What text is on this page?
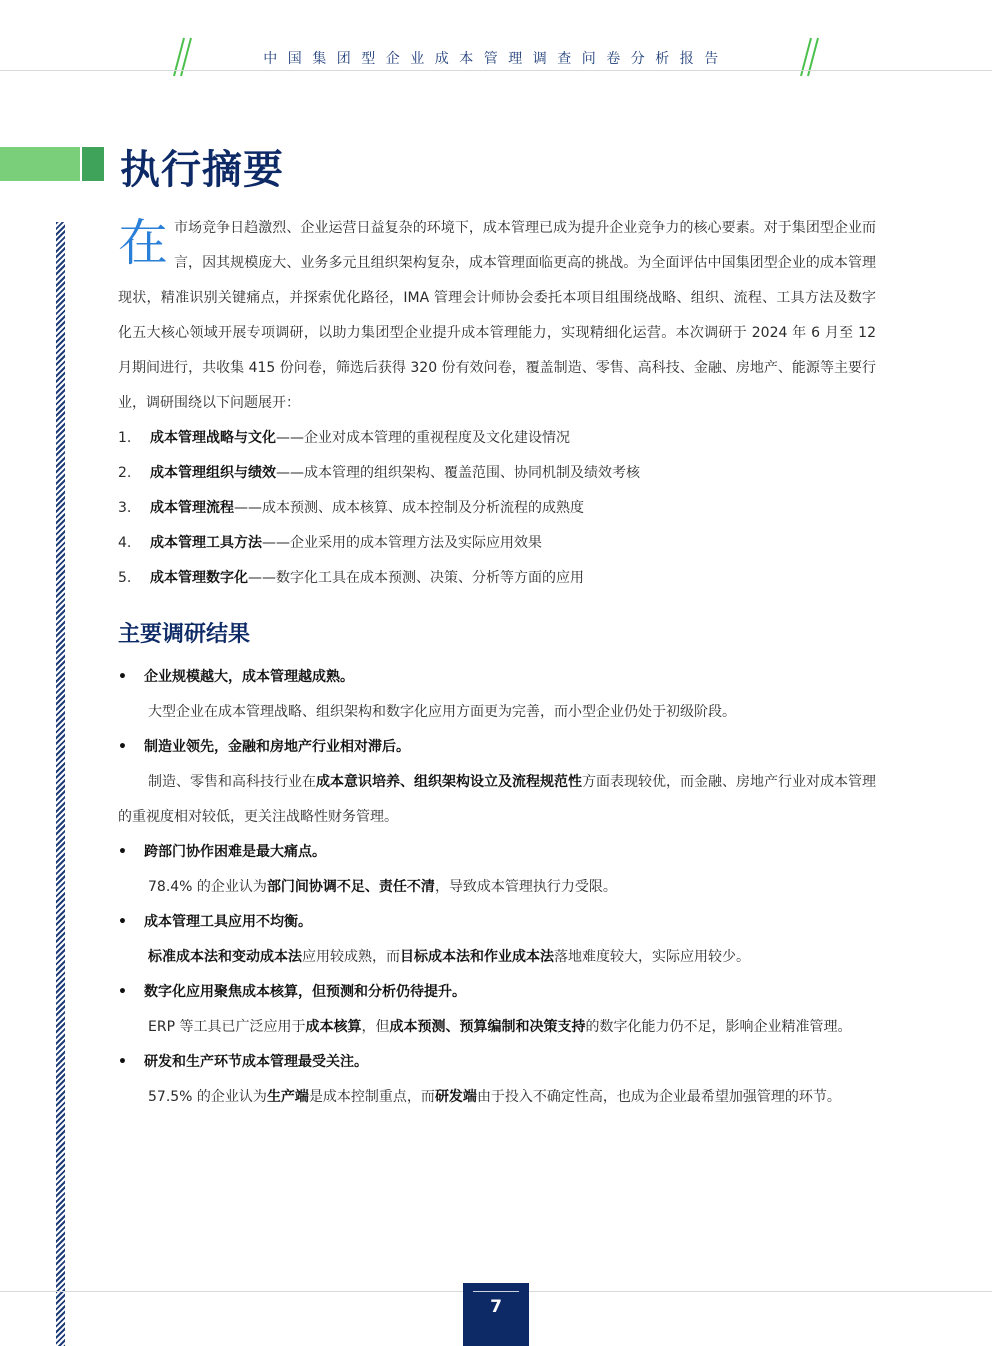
中国集团型企业成本管理调查问卷分析报告
执行摘要
在 市场竞争日趋激烈、企业运营日益复杂的环境下，成本管理已成为提升企业竞争力的核心要素。对于集团型企业而言，因其规模庞大、业务多元且组织架构复杂，成本管理面临更高的挑战。为全面评估中国集团型企业的成本管理现状，精准识别关键痛点，并探索优化路径，IMA 管理会计师协会委托本项目组围绕战略、组织、流程、工具方法及数字化五大核心领域开展专项调研，以助力集团型企业提升成本管理能力，实现精细化运营。本次调研于 2024 年 6 月至 12 月期间进行，共收集 415 份问卷，筛选后获得 320 份有效问卷，覆盖制造、零售、高科技、金融、房地产、能源等主要行业，调研围绕以下问题展开：
1. 成本管理战略与文化——企业对成本管理的重视程度及文化建设情况
2. 成本管理组织与绩效——成本管理的组织架构、覆盖范围、协同机制及绩效考核
3. 成本管理流程——成本预测、成本核算、成本控制及分析流程的成熟度
4. 成本管理工具方法——企业采用的成本管理方法及实际应用效果
5. 成本管理数字化——数字化工具在成本预测、决策、分析等方面的应用
主要调研结果
• 企业规模越大，成本管理越成熟。
大型企业在成本管理战略、组织架构和数字化应用方面更为完善，而小型企业仍处于初级阶段。
• 制造业领先，金融和房地产行业相对滞后。
制造、零售和高科技行业在成本意识培养、组织架构设立及流程规范性方面表现较优，而金融、房地产行业对成本管理的重视度相对较低，更关注战略性财务管理。
• 跨部门协作困难是最大痛点。
78.4% 的企业认为部门间协调不足、责任不清，导致成本管理执行力受限。
• 成本管理工具应用不均衡。
标准成本法和变动成本法应用较成熟，而目标成本法和作业成本法落地难度较大，实际应用较少。
• 数字化应用聚焦成本核算，但预测和分析仍待提升。
ERP 等工具已广泛应用于成本核算，但成本预测、预算编制和决策支持的数字化能力仍不足，影响企业精准管理。
• 研发和生产环节成本管理最受关注。
57.5% 的企业认为生产端是成本控制重点，而研发端由于投入不确定性高，也成为企业最希望加强管理的环节。
7
